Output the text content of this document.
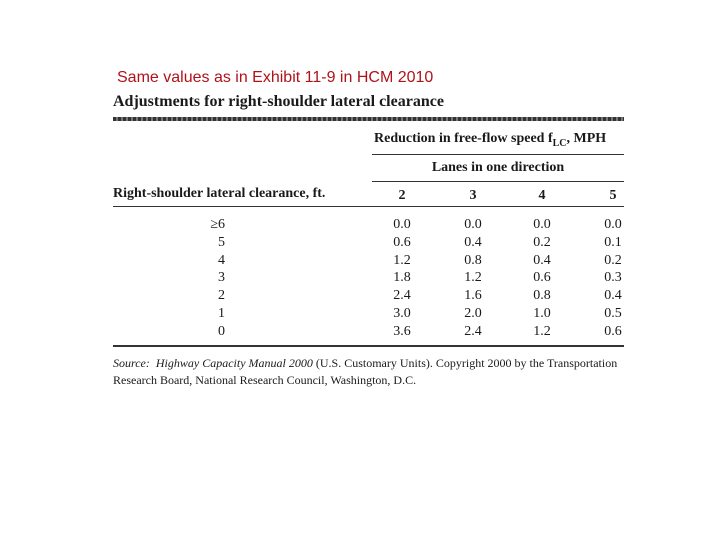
Same values as in Exhibit 11-9 in HCM 2010
Adjustments for right-shoulder lateral clearance
Reduction in free-flow speed $f_{LC}$, MPH
Lanes in one direction
Right-shoulder lateral clearance, ft.	2	3	4	5
≥6	0.0	0.0	0.0	0.0
5	0.6	0.4	0.2	0.1
4	1.2	0.8	0.4	0.2
3	1.8	1.2	0.6	0.3
2	2.4	1.6	0.8	0.4
1	3.0	2.0	1.0	0.5
0	3.6	2.4	1.2	0.6
Source: Highway Capacity Manual 2000 (U.S. Customary Units). Copyright 2000 by the Transportation Research Board, National Research Council, Washington, D.C.
